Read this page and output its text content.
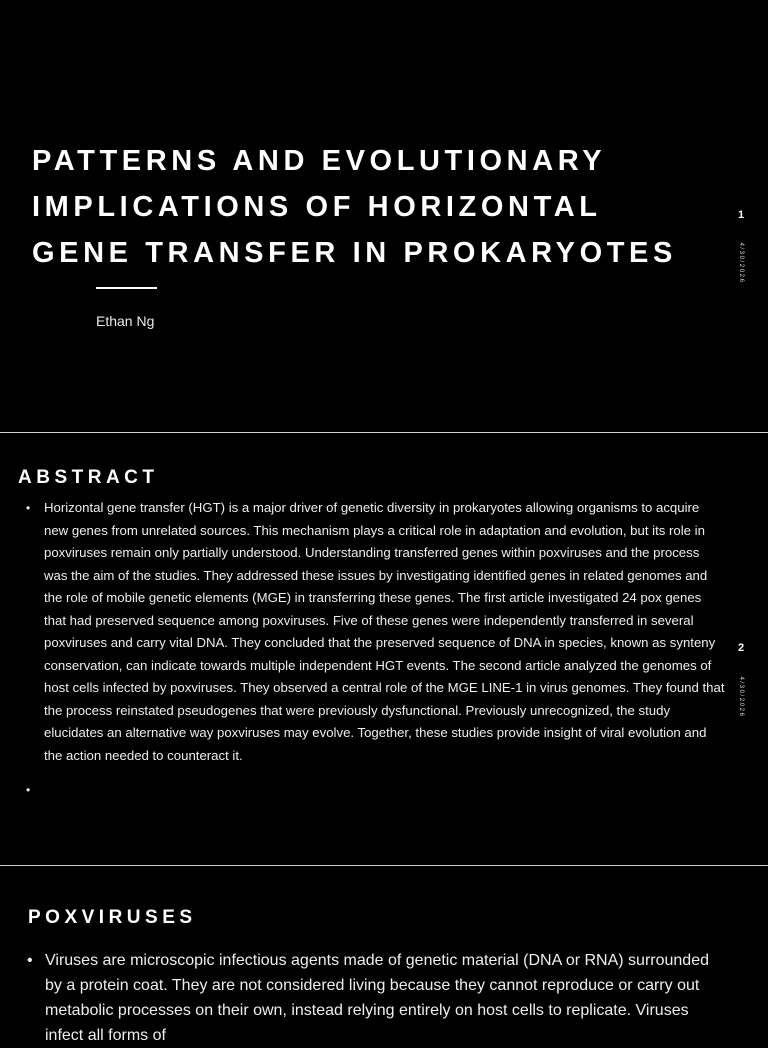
PATTERNS AND EVOLUTIONARY IMPLICATIONS OF HORIZONTAL GENE TRANSFER IN PROKARYOTES
Ethan Ng
1
4/30/2026
ABSTRACT
• Horizontal gene transfer (HGT) is a major driver of genetic diversity in prokaryotes allowing organisms to acquire new genes from unrelated sources. This mechanism plays a critical role in adaptation and evolution, but its role in poxviruses remain only partially understood. Understanding transferred genes within poxviruses and the process was the aim of the studies. They addressed these issues by investigating identified genes in related genomes and the role of mobile genetic elements (MGE) in transferring these genes. The first article investigated 24 pox genes that had preserved sequence among poxviruses. Five of these genes were independently transferred in several poxviruses and carry vital DNA. They concluded that the preserved sequence of DNA in species, known as synteny conservation, can indicate towards multiple independent HGT events. The second article analyzed the genomes of host cells infected by poxviruses. They observed a central role of the MGE LINE-1 in virus genomes. They found that the process reinstated pseudogenes that were previously dysfunctional. Previously unrecognized, the study elucidates an alternative way poxviruses may evolve. Together, these studies provide insight of viral evolution and the action needed to counteract it.
•
2
4/30/2026
POXVIRUSES
• Viruses are microscopic infectious agents made of genetic material (DNA or RNA) surrounded by a protein coat. They are not considered living because they cannot reproduce or carry out metabolic processes on their own, instead relying entirely on host cells to replicate. Viruses infect all forms of
